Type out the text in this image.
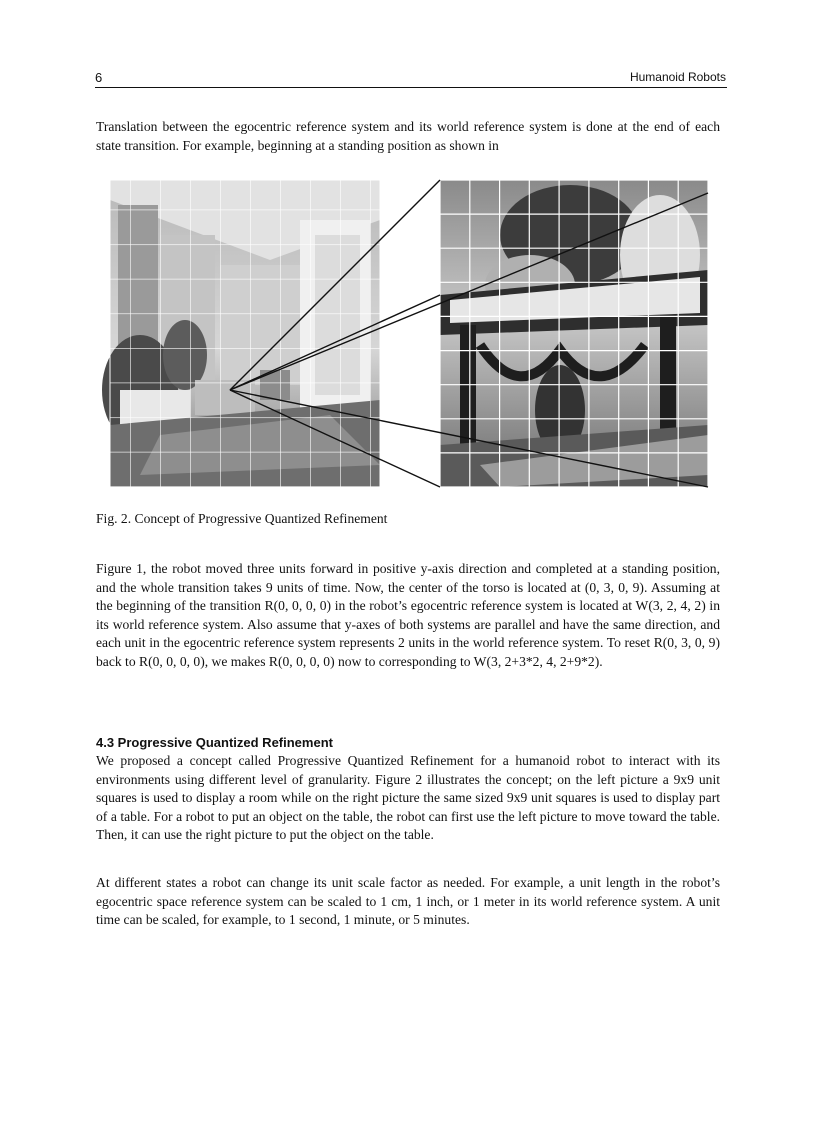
6	Humanoid Robots

Translation between the egocentric reference system and its world reference system is done at the end of each state transition. For example, beginning at a standing position as shown in

Fig. 2. Concept of Progressive Quantized Refinement

Figure 1, the robot moved three units forward in positive y-axis direction and completed at a standing position, and the whole transition takes 9 units of time. Now, the center of the torso is located at (0, 3, 0, 9). Assuming at the beginning of the transition R(0, 0, 0, 0) in the robot’s egocentric reference system is located at W(3, 2, 4, 2) in its world reference system. Also assume that y-axes of both systems are parallel and have the same direction, and each unit in the egocentric reference system represents 2 units in the world reference system. To reset R(0, 3, 0, 9) back to R(0, 0, 0, 0), we makes R(0, 0, 0, 0) now to corresponding to W(3, 2+3*2, 4, 2+9*2).

4.3 Progressive Quantized Refinement

We proposed a concept called Progressive Quantized Refinement for a humanoid robot to interact with its environments using different level of granularity. Figure 2 illustrates the concept; on the left picture a 9x9 unit squares is used to display a room while on the right picture the same sized 9x9 unit squares is used to display part of a table. For a robot to put an object on the table, the robot can first use the left picture to move toward the table. Then, it can use the right picture to put the object on the table.

At different states a robot can change its unit scale factor as needed. For example, a unit length in the robot’s egocentric space reference system can be scaled to 1 cm, 1 inch, or 1 meter in its world reference system. A unit time can be scaled, for example, to 1 second, 1 minute, or 5 minutes.
